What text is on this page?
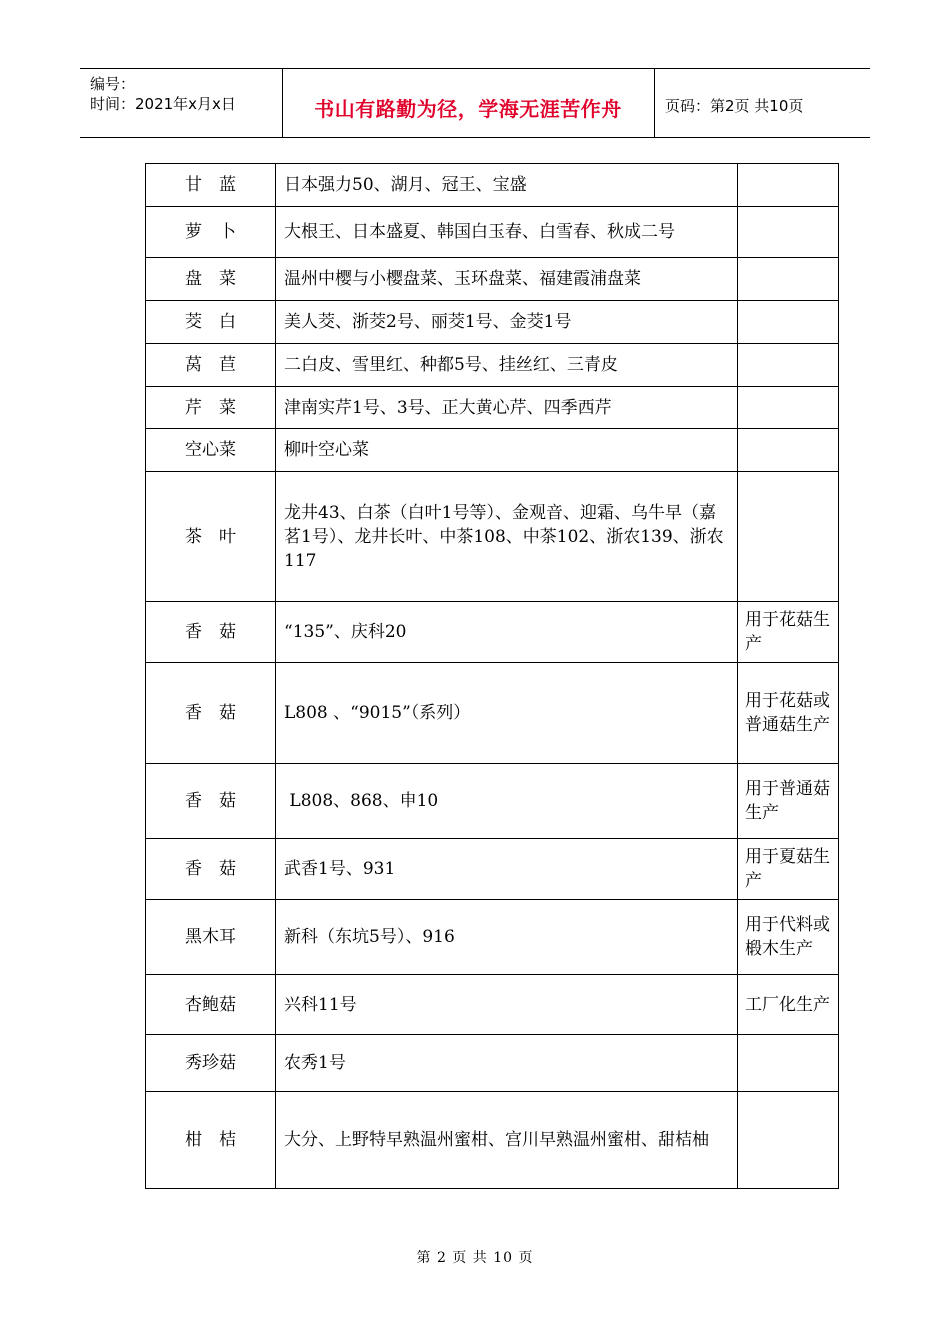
编号：
时间：2021年x月x日	书山有路勤为径，学海无涯苦作舟	页码：第2页 共10页
甘　蓝	日本强力50、湖月、冠王、宝盛	
萝　卜	大根王、日本盛夏、韩国白玉春、白雪春、秋成二号	
盘　菜	温州中樱与小樱盘菜、玉环盘菜、福建霞浦盘菜	
茭　白	美人茭、浙茭2号、丽茭1号、金茭1号	
莴　苣	二白皮、雪里红、种都5号、挂丝红、三青皮	
芹　菜	津南实芹1号、3号、正大黄心芹、四季西芹	
空心菜	柳叶空心菜	
茶　叶	龙井43、白茶（白叶1号等）、金观音、迎霜、乌牛早（嘉茗1号）、龙井长叶、中茶108、中茶102、浙农139、浙农117	
香　菇	“135”、庆科20	用于花菇生产
香　菇	L808 、“9015”（系列）	用于花菇或普通菇生产
香　菇	L808、868、申10	用于普通菇生产
香　菇	武香1号、931	用于夏菇生产
黑木耳	新科（东坑5号）、916	用于代料或椴木生产
杏鲍菇	兴科11号	工厂化生产
秀珍菇	农秀1号	
柑　桔	大分、上野特早熟温州蜜柑、宫川早熟温州蜜柑、甜桔柚	
第 2 页 共 10 页
